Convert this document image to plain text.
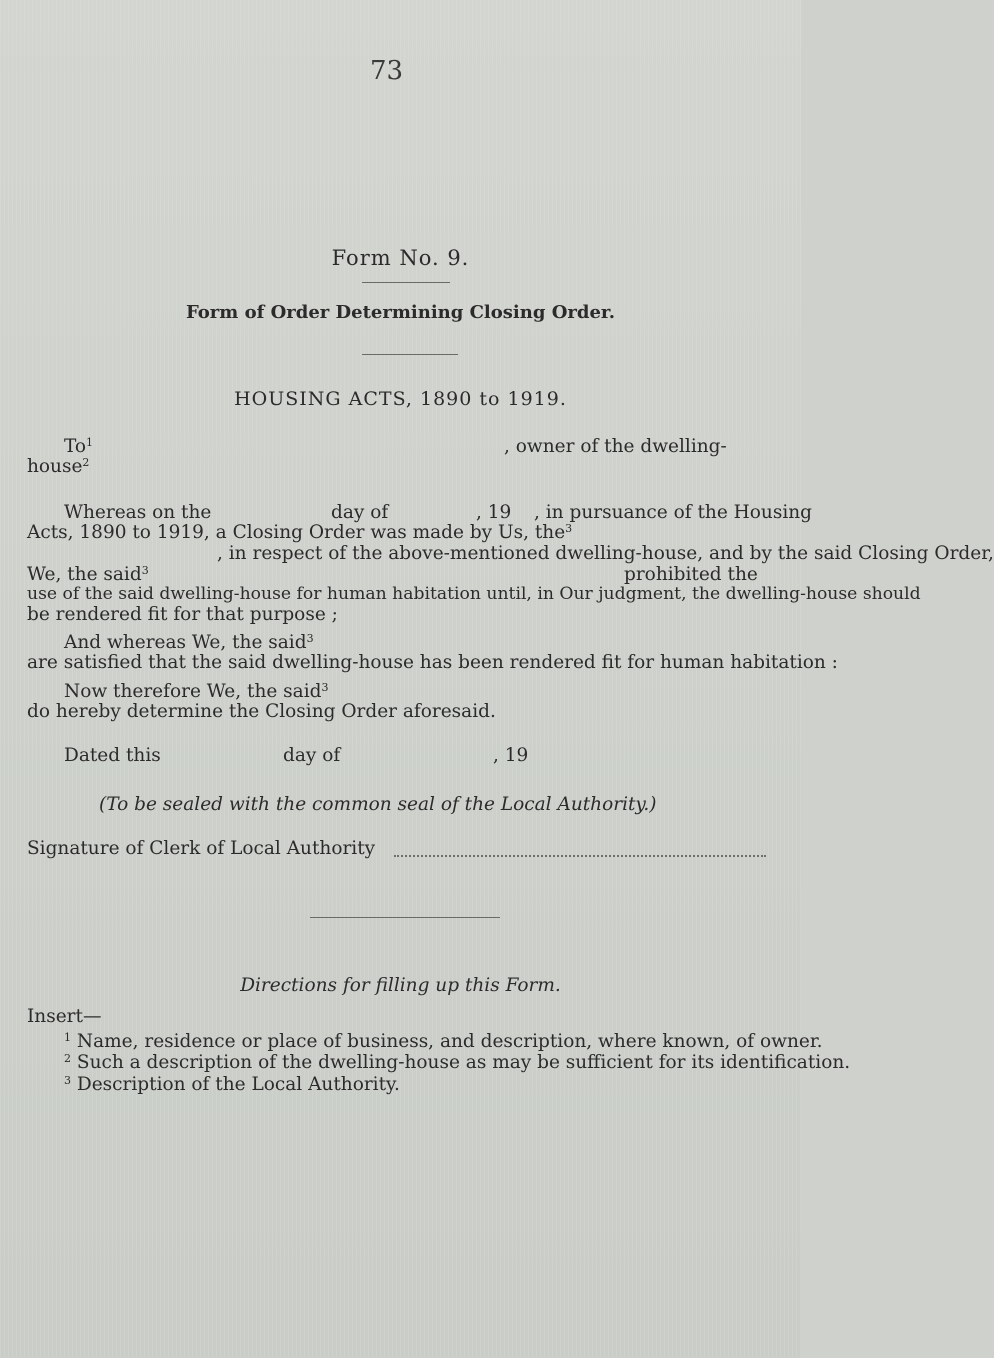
73
Form No. 9.
Form of Order Determining Closing Order.
HOUSING ACTS, 1890 to 1919.
To$^1$	, owner of the dwelling-
house$^2$
Whereas on the	day of	, 19 , in pursuance of the Housing
Acts, 1890 to 1919, a Closing Order was made by Us, the$^3$
, in respect of the above-mentioned dwelling-house, and by the said Closing Order,
We, the said$^3$	prohibited the
use of the said dwelling-house for human habitation until, in Our judgment, the dwelling-house should
be rendered fit for that purpose ;
And whereas We, the said$^3$
are satisfied that the said dwelling-house has been rendered fit for human habitation :
Now therefore We, the said$^3$
do hereby determine the Closing Order aforesaid.
Dated this	day of	, 19
(To be sealed with the common seal of the Local Authority.)
Signature of Clerk of Local Authority
Directions for filling up this Form.
Insert—
$^1$ Name, residence or place of business, and description, where known, of owner.
$^2$ Such a description of the dwelling-house as may be sufficient for its identification.
$^3$ Description of the Local Authority.
